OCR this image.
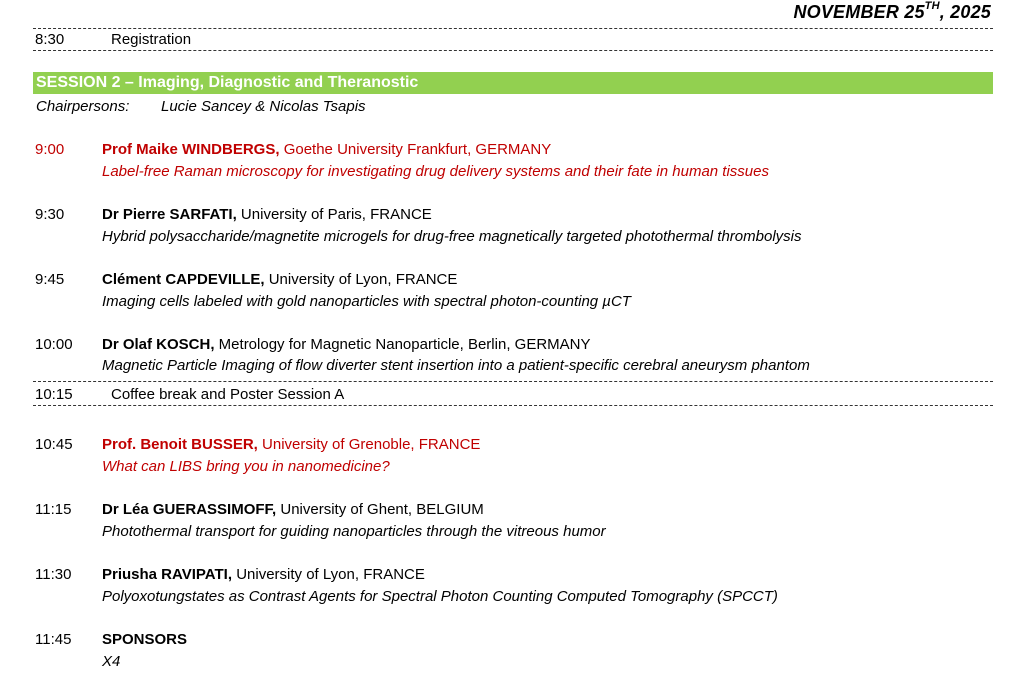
NOVEMBER 25TH, 2025
8:30	Registration
SESSION 2 – Imaging, Diagnostic and Theranostic
Chairpersons: Lucie Sancey & Nicolas Tsapis
9:00	Prof Maike WINDBERGS, Goethe University Frankfurt, GERMANY
Label-free Raman microscopy for investigating drug delivery systems and their fate in human tissues
9:30	Dr Pierre SARFATI, University of Paris, FRANCE
Hybrid polysaccharide/magnetite microgels for drug-free magnetically targeted photothermal thrombolysis
9:45	Clément CAPDEVILLE, University of Lyon, FRANCE
Imaging cells labeled with gold nanoparticles with spectral photon-counting µCT
10:00 Dr Olaf KOSCH, Metrology for Magnetic Nanoparticle, Berlin, GERMANY
Magnetic Particle Imaging of flow diverter stent insertion into a patient-specific cerebral aneurysm phantom
10:15	Coffee break and Poster Session A
10:45 Prof. Benoit BUSSER, University of Grenoble, FRANCE
What can LIBS bring you in nanomedicine?
11:15 Dr Léa GUERASSIMOFF, University of Ghent, BELGIUM
Photothermal transport for guiding nanoparticles through the vitreous humor
11:30 Priusha RAVIPATI, University of Lyon, FRANCE
Polyoxotungstates as Contrast Agents for Spectral Photon Counting Computed Tomography (SPCCT)
11:45 SPONSORS
X4
